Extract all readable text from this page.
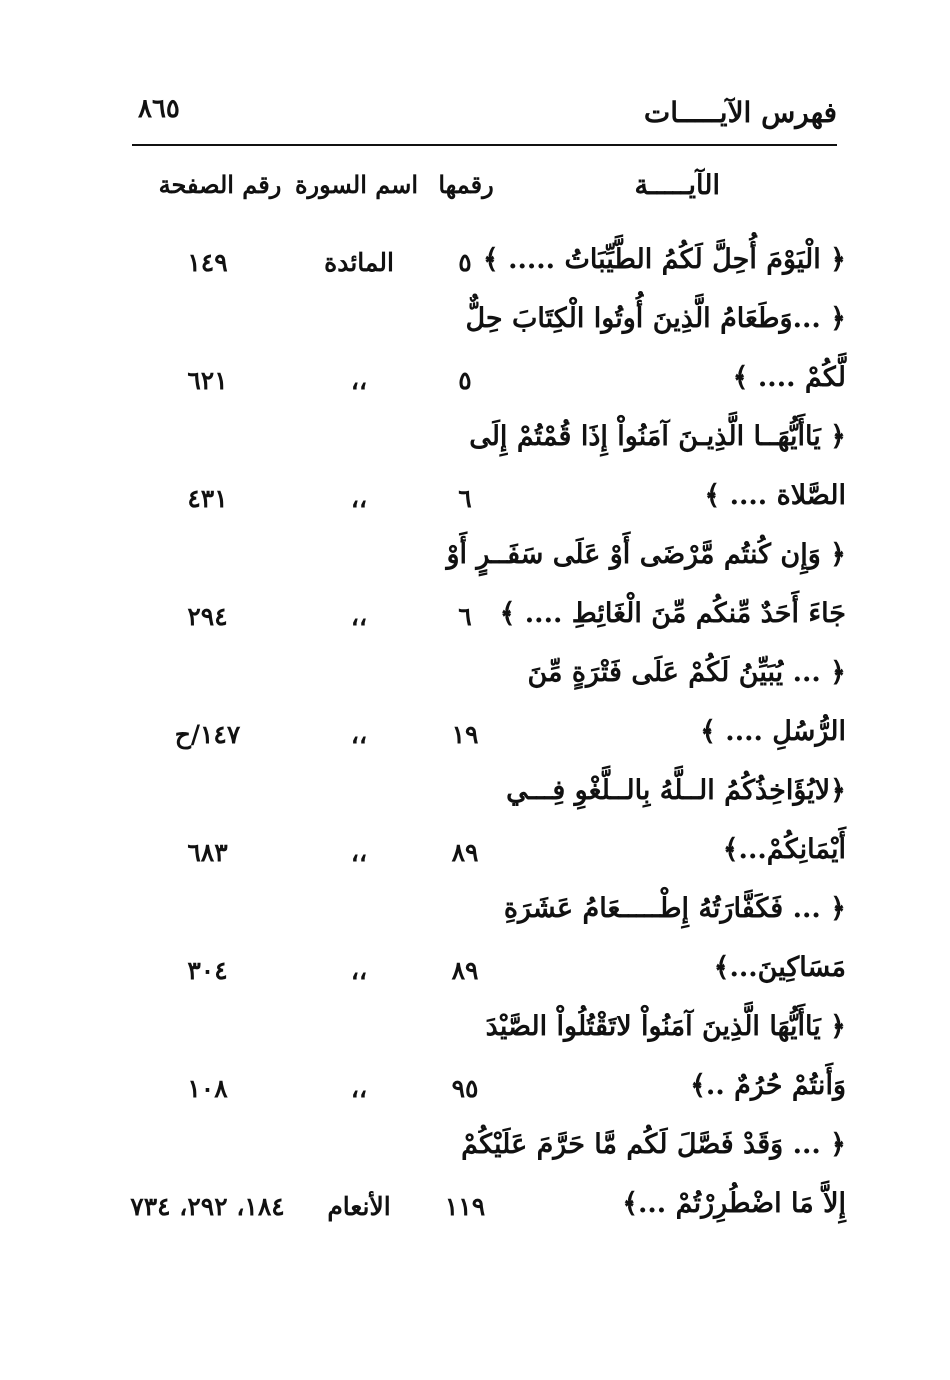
فهرس الآيـــــات
٨٦٥
الآيـــــة
رقمها
اسم السورة
رقم الصفحة
﴿ الْيَوْمَ أُحِلَّ لَكُمُ الطَّيِّبَاتُ ..... ﴾
٥
المائدة
١٤٩
﴿ ...وَطَعَامُ الَّذِينَ أُوتُوا الْكِتَابَ حِلٌّ
لَّكُمْ .... ﴾
٥
،،
٦٢١
﴿ يَاأَيُّهَــا الَّذِيـنَ آمَنُواْ إِذَا قُمْتُمْ إِلَى
الصَّلاة .... ﴾
٦
،،
٤٣١
﴿ وَإِن كُنتُم مَّرْضَى أَوْ عَلَى سَفَــرٍ أَوْ
جَاءَ أَحَدٌ مِّنكُم مِّنَ الْغَائِطِ .... ﴾
٦
،،
٢٩٤
﴿ ... يُبَيِّنُ لَكُمْ عَلَى فَتْرَةٍ مِّنَ
الرُّسُلِ .... ﴾
١٩
،،
١٤٧/ح
﴿لايُؤَاخِذُكُمُ الــلَّهُ بِالــلَّغْوِ فِـــي
أَيْمَانِكُمْ...﴾
٨٩
،،
٦٨٣
﴿ ... فَكَفَّارَتُهُ إِطْـــــعَامُ عَشَرَةِ
مَسَاكِينَ...﴾
٨٩
،،
٣٠٤
﴿ يَاأَيُّهَا الَّذِينَ آمَنُواْ لاتَقْتُلُواْ الصَّيْدَ
وَأَنتُمْ حُرُمٌ ..﴾
٩٥
،،
١٠٨
﴿ ... وَقَدْ فَصَّلَ لَكُم مَّا حَرَّمَ عَلَيْكُمْ
إِلاَّ مَا اضْطُرِرْتُمْ ...﴾
١١٩
الأنعام
١٨٤، ٢٩٢، ٧٣٤
